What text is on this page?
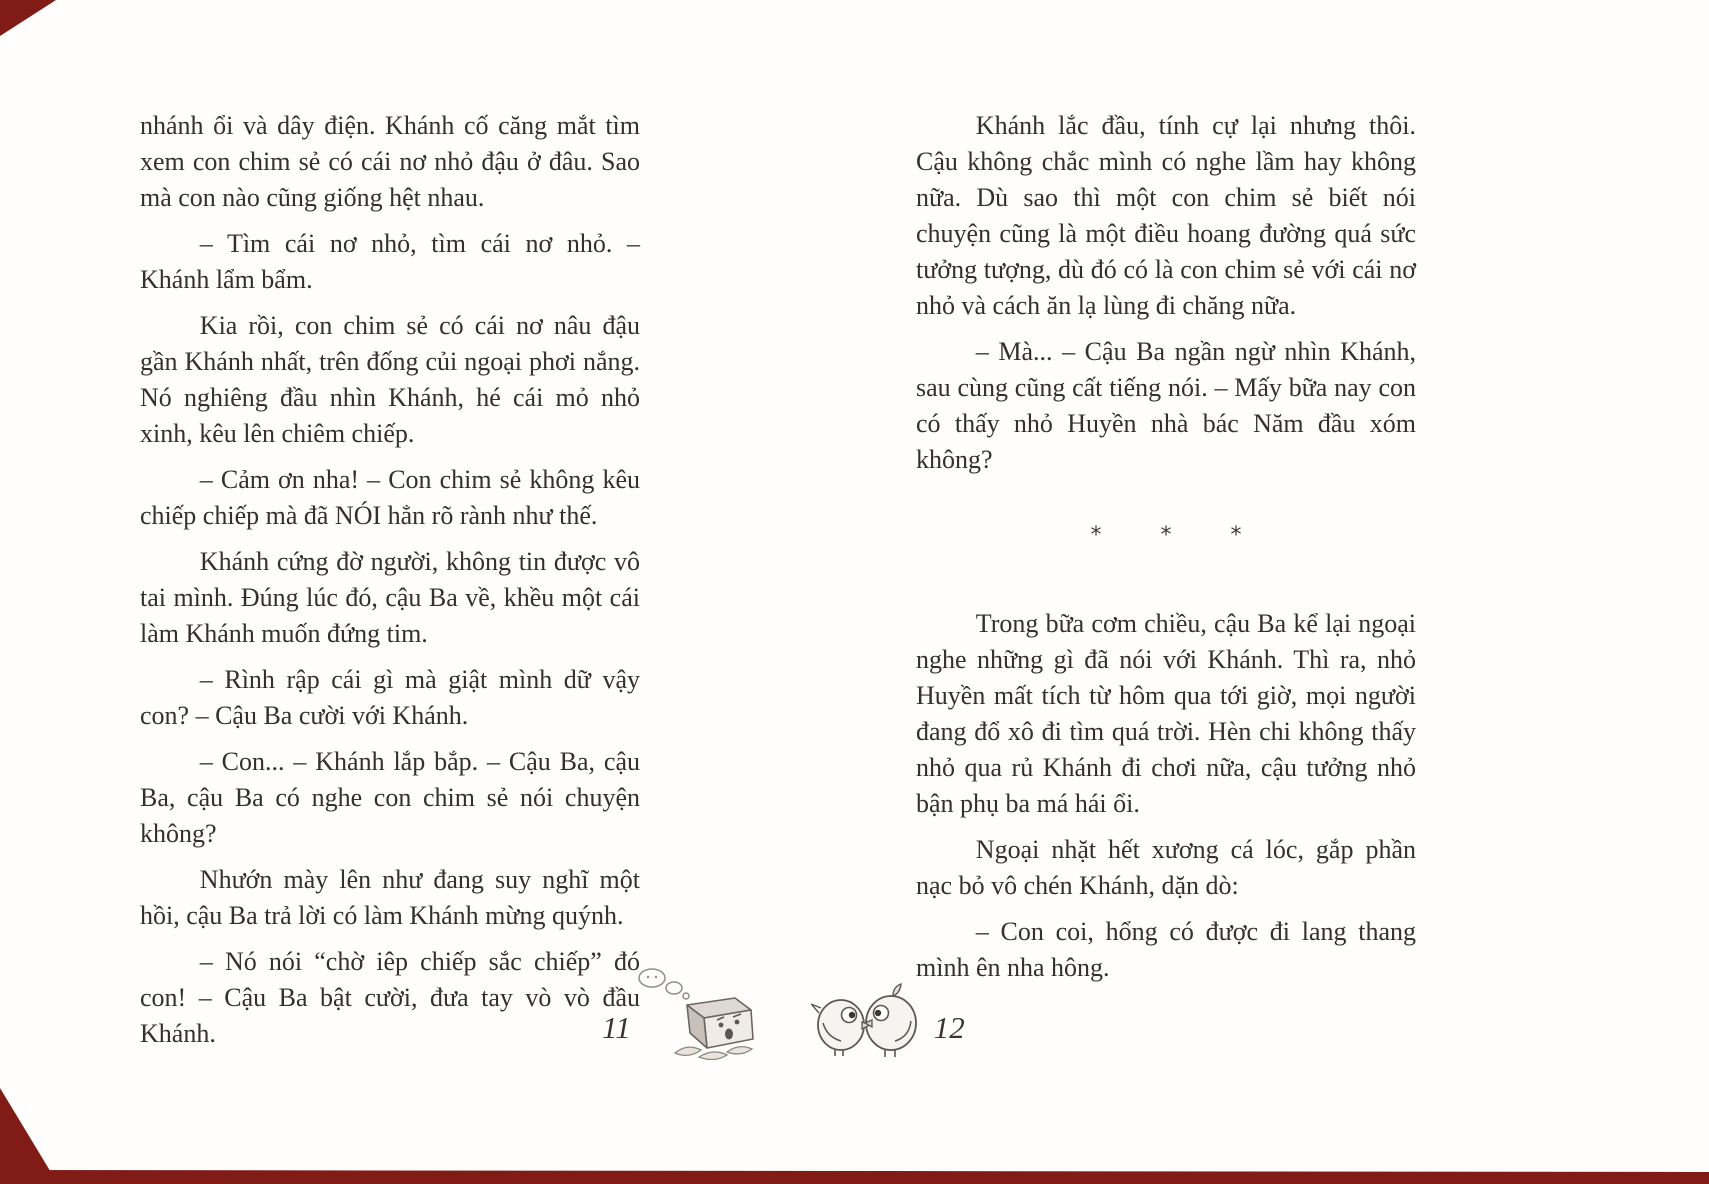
nhánh ổi và dây điện. Khánh cố căng mắt tìm xem con chim sẻ có cái nơ nhỏ đậu ở đâu. Sao mà con nào cũng giống hệt nhau.

– Tìm cái nơ nhỏ, tìm cái nơ nhỏ. – Khánh lẩm bẩm.

Kia rồi, con chim sẻ có cái nơ nâu đậu gần Khánh nhất, trên đống củi ngoại phơi nắng. Nó nghiêng đầu nhìn Khánh, hé cái mỏ nhỏ xinh, kêu lên chiêm chiếp.

– Cảm ơn nha! – Con chim sẻ không kêu chiếp chiếp mà đã NÓI hẳn rõ rành như thế.

Khánh cứng đờ người, không tin được vô tai mình. Đúng lúc đó, cậu Ba về, khều một cái làm Khánh muốn đứng tim.

– Rình rập cái gì mà giật mình dữ vậy con? – Cậu Ba cười với Khánh.

– Con... – Khánh lắp bắp. – Cậu Ba, cậu Ba, cậu Ba có nghe con chim sẻ nói chuyện không?

Nhướn mày lên như đang suy nghĩ một hồi, cậu Ba trả lời có làm Khánh mừng quýnh.

– Nó nói “chờ iêp chiếp sắc chiếp” đó con! – Cậu Ba bật cười, đưa tay vò vò đầu Khánh.

Khánh lắc đầu, tính cự lại nhưng thôi. Cậu không chắc mình có nghe lầm hay không nữa. Dù sao thì một con chim sẻ biết nói chuyện cũng là một điều hoang đường quá sức tưởng tượng, dù đó có là con chim sẻ với cái nơ nhỏ và cách ăn lạ lùng đi chăng nữa.

– Mà... – Cậu Ba ngần ngừ nhìn Khánh, sau cùng cũng cất tiếng nói. – Mấy bữa nay con có thấy nhỏ Huyền nhà bác Năm đầu xóm không?

* * *

Trong bữa cơm chiều, cậu Ba kể lại ngoại nghe những gì đã nói với Khánh. Thì ra, nhỏ Huyền mất tích từ hôm qua tới giờ, mọi người đang đổ xô đi tìm quá trời. Hèn chi không thấy nhỏ qua rủ Khánh đi chơi nữa, cậu tưởng nhỏ bận phụ ba má hái ổi.

Ngoại nhặt hết xương cá lóc, gắp phần nạc bỏ vô chén Khánh, dặn dò:

– Con coi, hổng có được đi lang thang mình ên nha hông.

11	12
